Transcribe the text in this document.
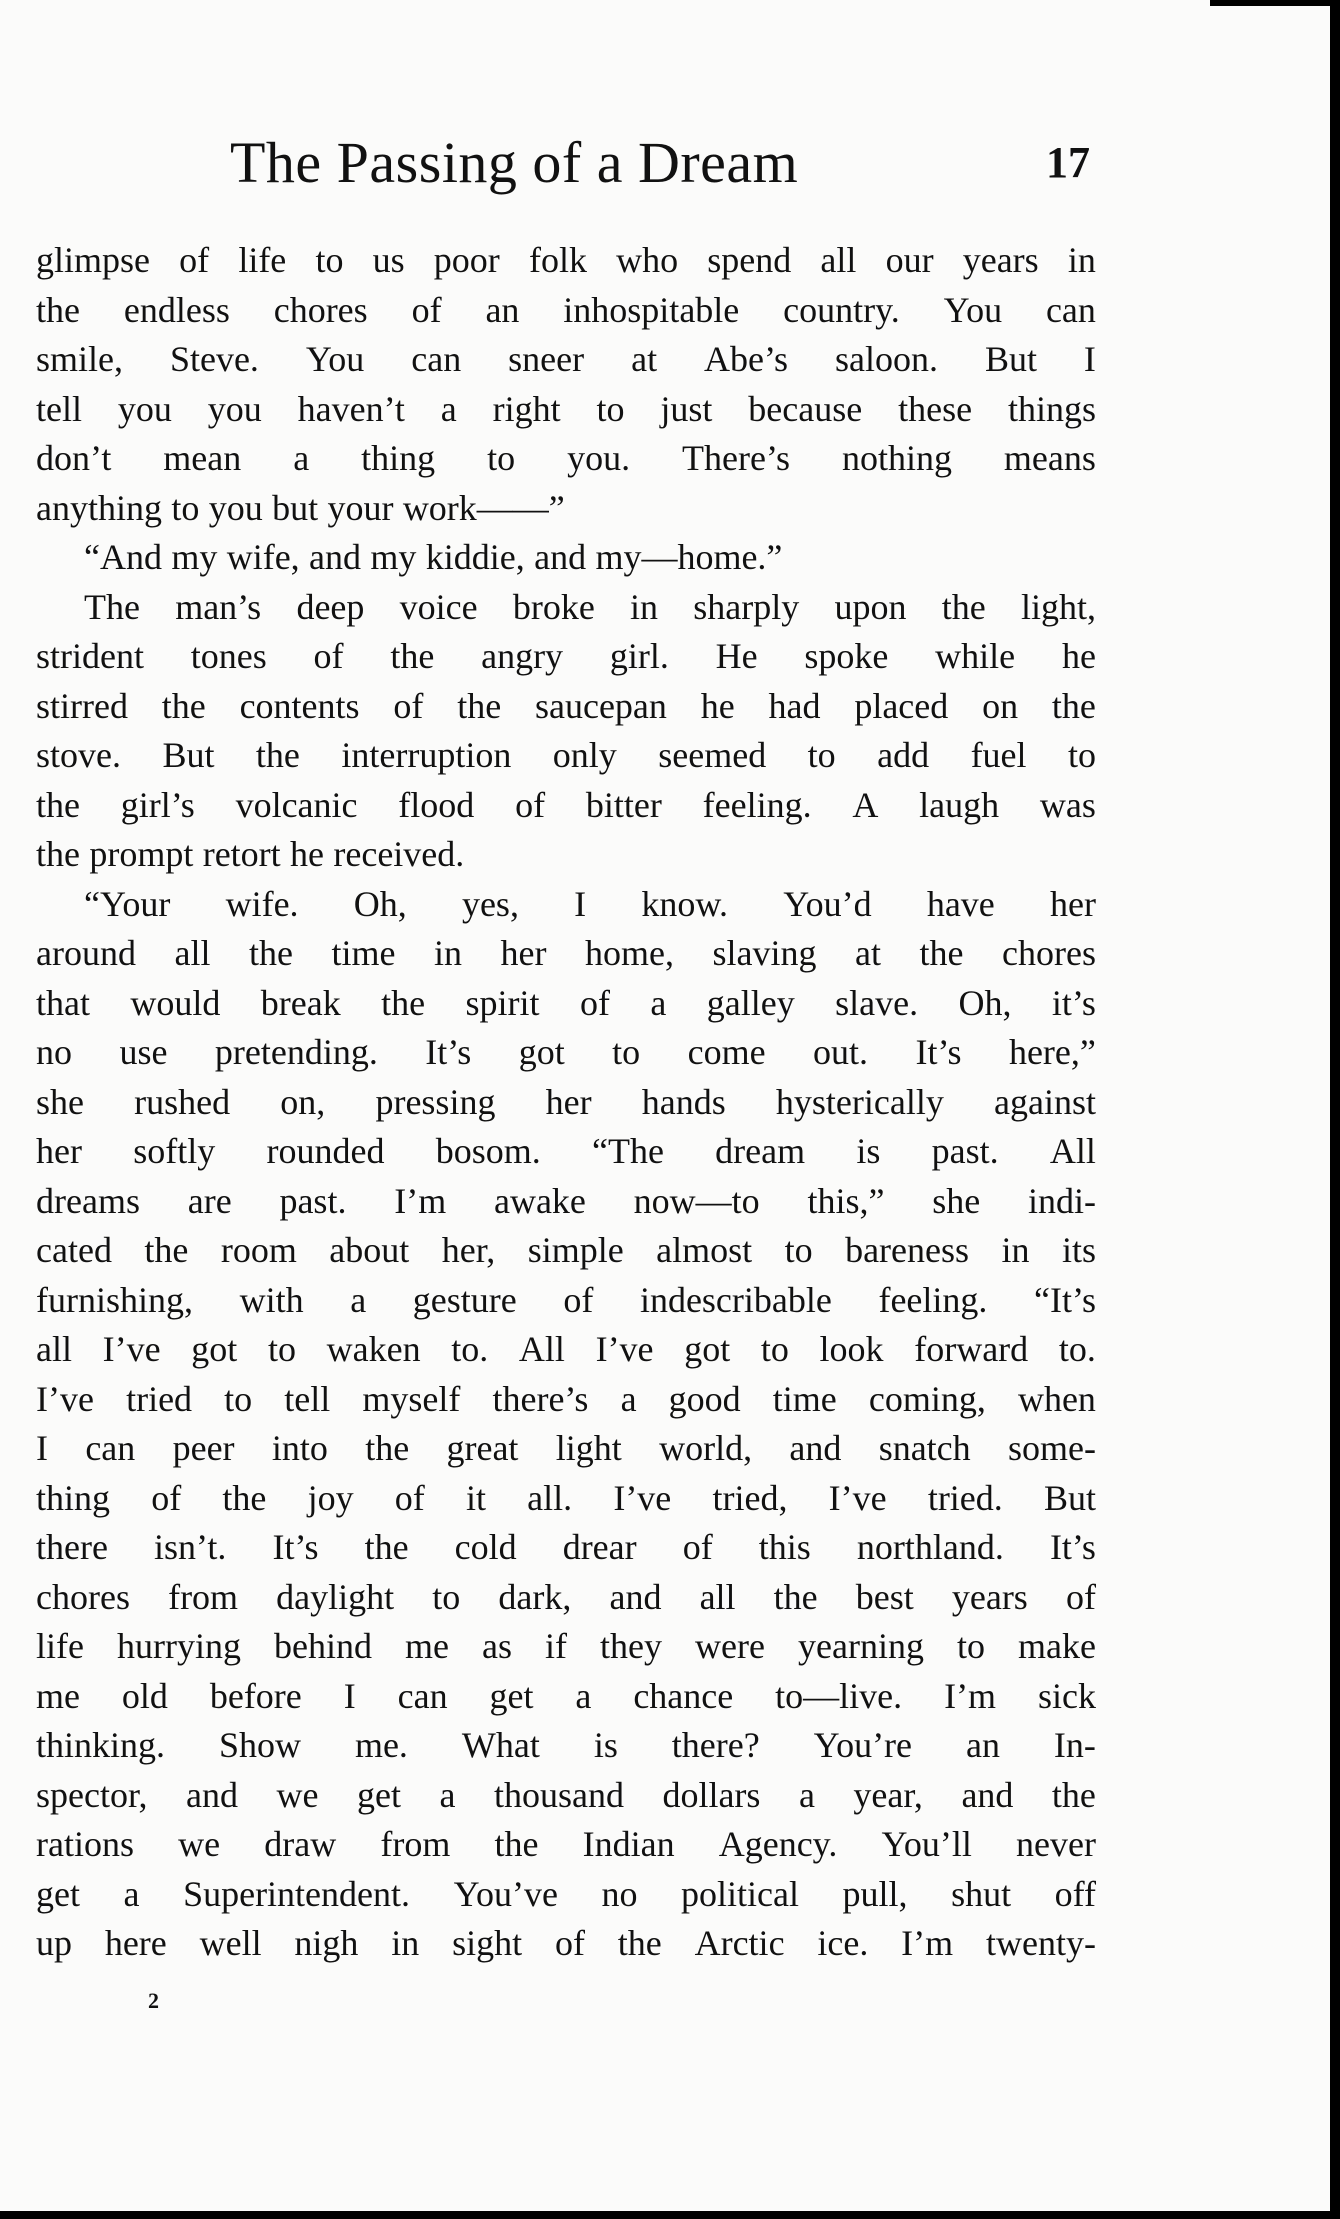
The Passing of a Dream	17
glimpse of life to us poor folk who spend all our years in
the endless chores of an inhospitable country. You can
smile, Steve. You can sneer at Abe’s saloon. But I
tell you you haven’t a right to just because these things
don’t mean a thing to you. There’s nothing means
anything to you but your work——”
“And my wife, and my kiddie, and my—home.”
The man’s deep voice broke in sharply upon the light,
strident tones of the angry girl. He spoke while he
stirred the contents of the saucepan he had placed on the
stove. But the interruption only seemed to add fuel to
the girl’s volcanic flood of bitter feeling. A laugh was
the prompt retort he received.
“Your wife. Oh, yes, I know. You’d have her
around all the time in her home, slaving at the chores
that would break the spirit of a galley slave. Oh, it’s
no use pretending. It’s got to come out. It’s here,”
she rushed on, pressing her hands hysterically against
her softly rounded bosom. “The dream is past. All
dreams are past. I’m awake now—to this,” she indi-
cated the room about her, simple almost to bareness in its
furnishing, with a gesture of indescribable feeling. “It’s
all I’ve got to waken to. All I’ve got to look forward to.
I’ve tried to tell myself there’s a good time coming, when
I can peer into the great light world, and snatch some-
thing of the joy of it all. I’ve tried, I’ve tried. But
there isn’t. It’s the cold drear of this northland. It’s
chores from daylight to dark, and all the best years of
life hurrying behind me as if they were yearning to make
me old before I can get a chance to—live. I’m sick
thinking. Show me. What is there? You’re an In-
spector, and we get a thousand dollars a year, and the
rations we draw from the Indian Agency. You’ll never
get a Superintendent. You’ve no political pull, shut off
up here well nigh in sight of the Arctic ice. I’m twenty-
2
